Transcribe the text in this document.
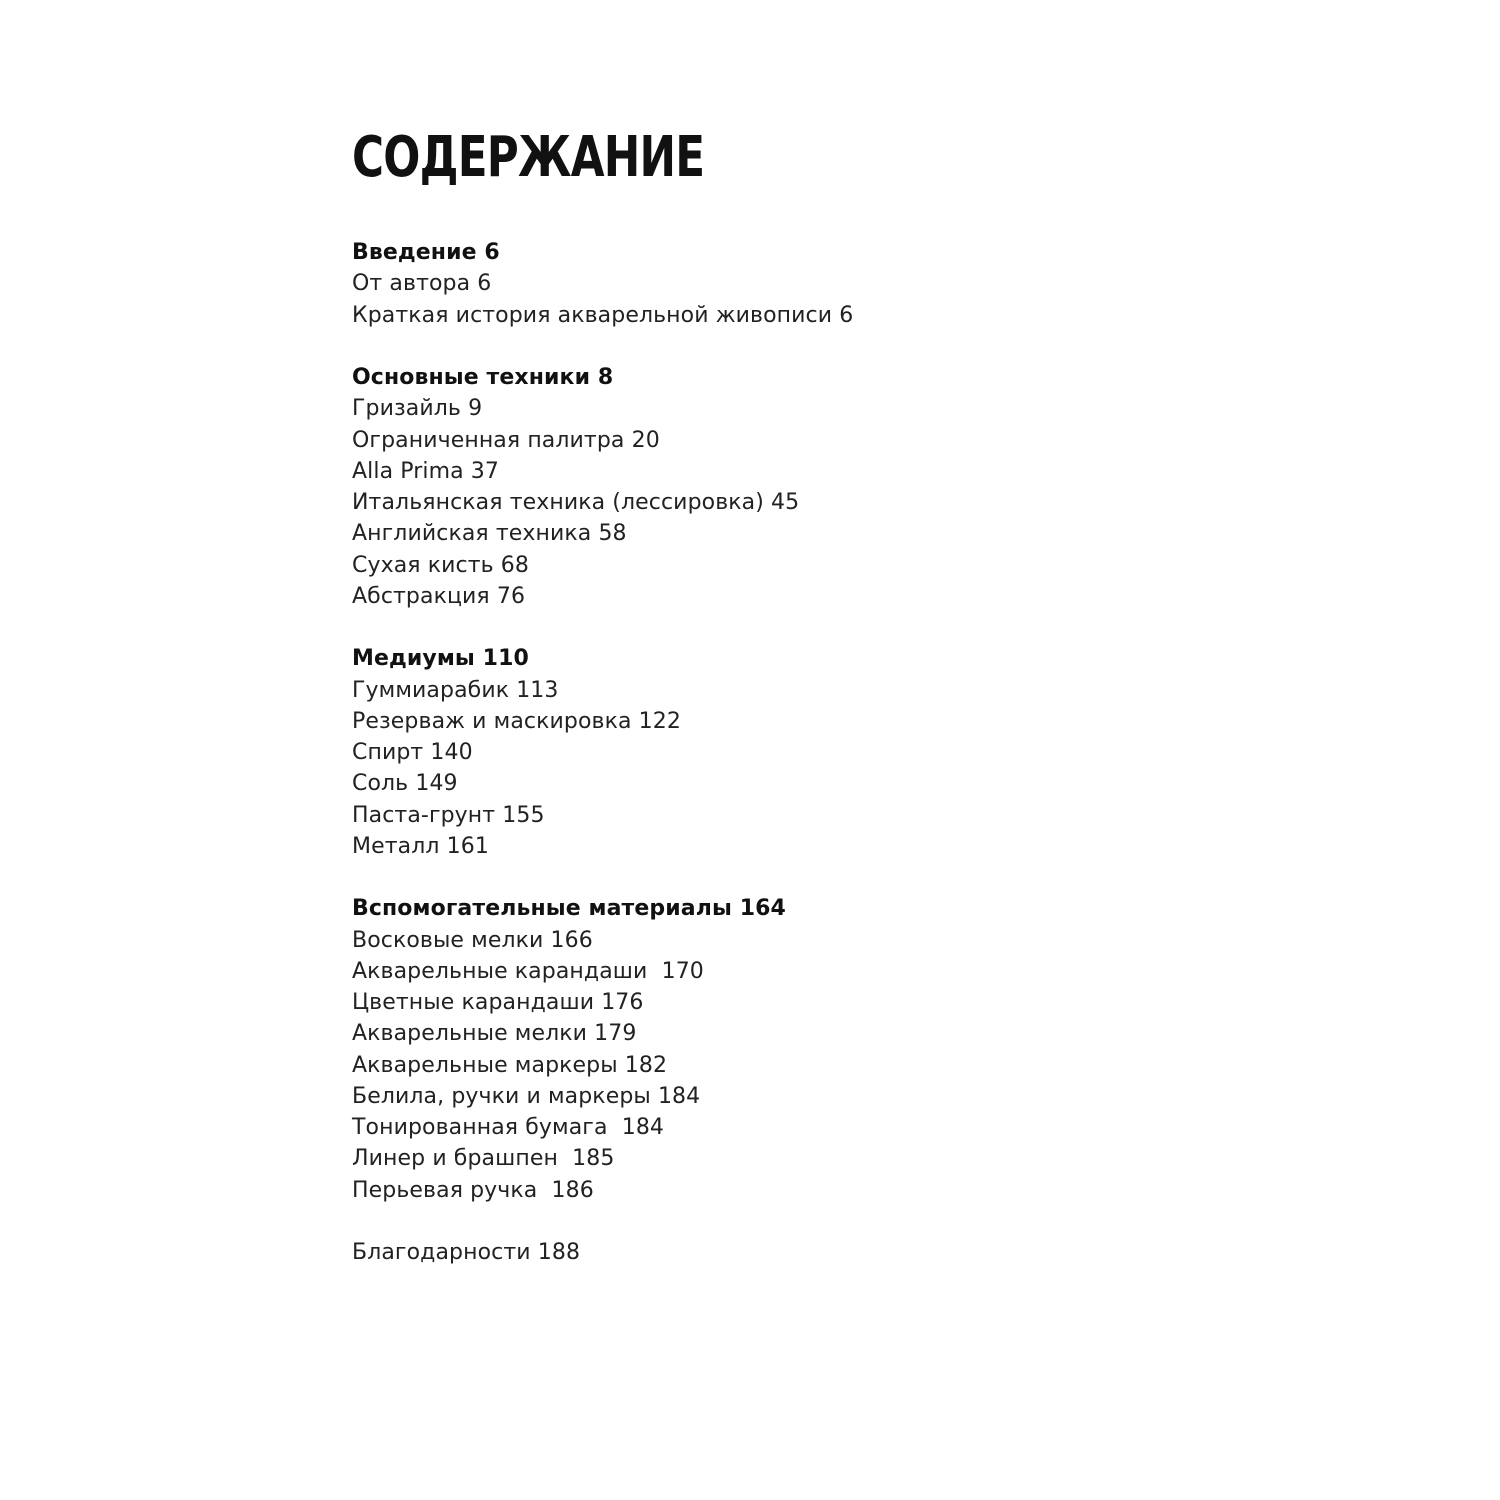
СОДЕРЖАНИЕ
Введение 6
От автора 6
Краткая история акварельной живописи 6
Основные техники 8
Гризайль 9
Ограниченная палитра 20
Alla Prima 37
Итальянская техника (лессировка) 45
Английская техника 58
Сухая кисть 68
Абстракция 76
Медиумы 110
Гуммиарабик 113
Резерваж и маскировка 122
Спирт 140
Соль 149
Паста-грунт 155
Металл 161
Вспомогательные материалы 164
Восковые мелки 166
Акварельные карандаши  170
Цветные карандаши 176
Акварельные мелки 179
Акварельные маркеры 182
Белила, ручки и маркеры 184
Тонированная бумага  184
Линер и брашпен  185
Перьевая ручка  186
Благодарности 188
